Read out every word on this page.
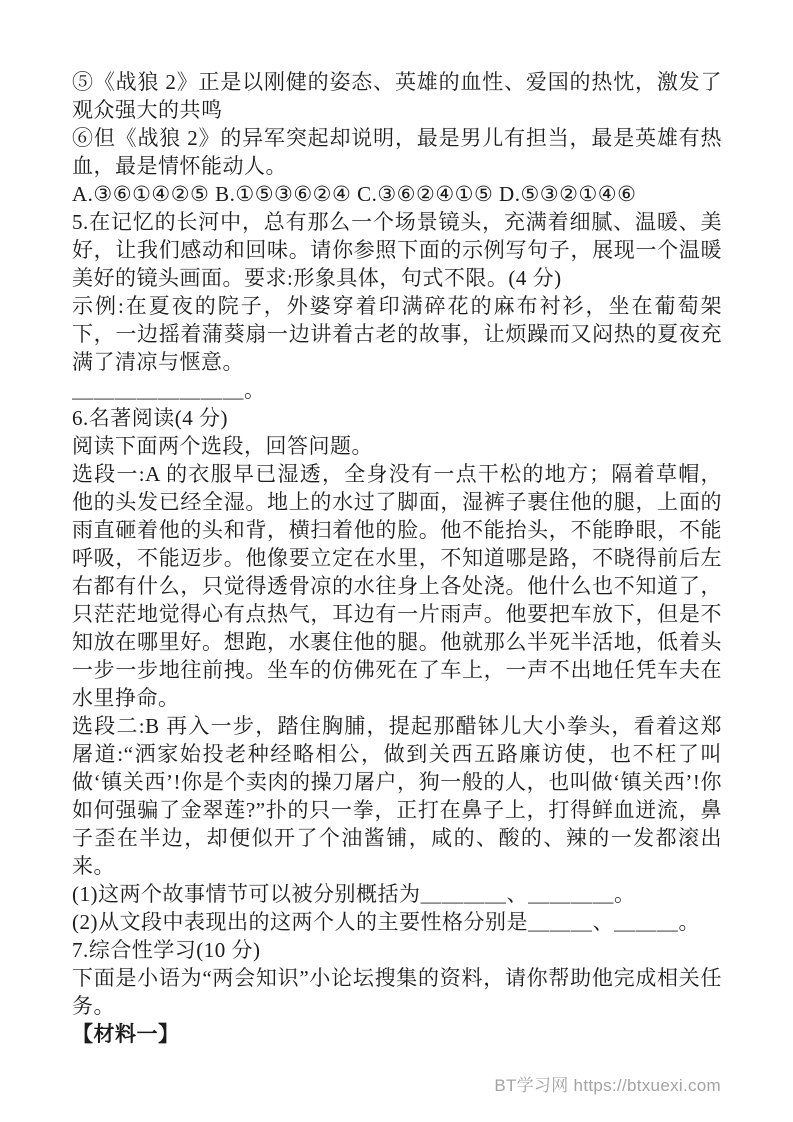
⑤《战狼 2》正是以刚健的姿态、英雄的血性、爱国的热忱，激发了观众强大的共鸣

⑥但《战狼 2》的异军突起却说明，最是男儿有担当，最是英雄有热血，最是情怀能动人。

A.③⑥①④②⑤ B.①⑤③⑥②④ C.③⑥②④①⑤ D.⑤③②①④⑥

5.在记忆的长河中，总有那么一个场景镜头，充满着细腻、温暖、美好，让我们感动和回味。请你参照下面的示例写句子，展现一个温暖美好的镜头画面。要求:形象具体，句式不限。(4 分)

示例:在夏夜的院子，外婆穿着印满碎花的麻布衬衫，坐在葡萄架下，一边摇着蒲葵扇一边讲着古老的故事，让烦躁而又闷热的夏夜充满了清凉与惬意。

＿＿＿＿＿＿＿＿。

6.名著阅读(4 分)

阅读下面两个选段，回答问题。

选段一:A 的衣服早已湿透，全身没有一点干松的地方；隔着草帽，他的头发已经全湿。地上的水过了脚面，湿裤子裹住他的腿，上面的雨直砸着他的头和背，横扫着他的脸。他不能抬头，不能睁眼，不能呼吸，不能迈步。他像要立定在水里，不知道哪是路，不晓得前后左右都有什么，只觉得透骨凉的水往身上各处浇。他什么也不知道了，只茫茫地觉得心有点热气，耳边有一片雨声。他要把车放下，但是不知放在哪里好。想跑，水裹住他的腿。他就那么半死半活地，低着头一步一步地往前拽。坐车的仿佛死在了车上，一声不出地任凭车夫在水里挣命。

选段二:B 再入一步，踏住胸脯，提起那醋钵儿大小拳头，看着这郑屠道:“洒家始投老种经略相公，做到关西五路廉访使，也不枉了叫做‘镇关西’!你是个卖肉的操刀屠户，狗一般的人，也叫做‘镇关西’!你如何强骗了金翠莲?”扑的只一拳，正打在鼻子上，打得鲜血迸流，鼻子歪在半边，却便似开了个油酱铺，咸的、酸的、辣的一发都滚出来。

(1)这两个故事情节可以被分别概括为＿＿＿＿、＿＿＿＿。

(2)从文段中表现出的这两个人的主要性格分别是＿＿＿、＿＿＿。

7.综合性学习(10 分)

下面是小语为“两会知识”小论坛搜集的资料，请你帮助他完成相关任务。

【材料一】

BT学习网 https://btxuexi.com
